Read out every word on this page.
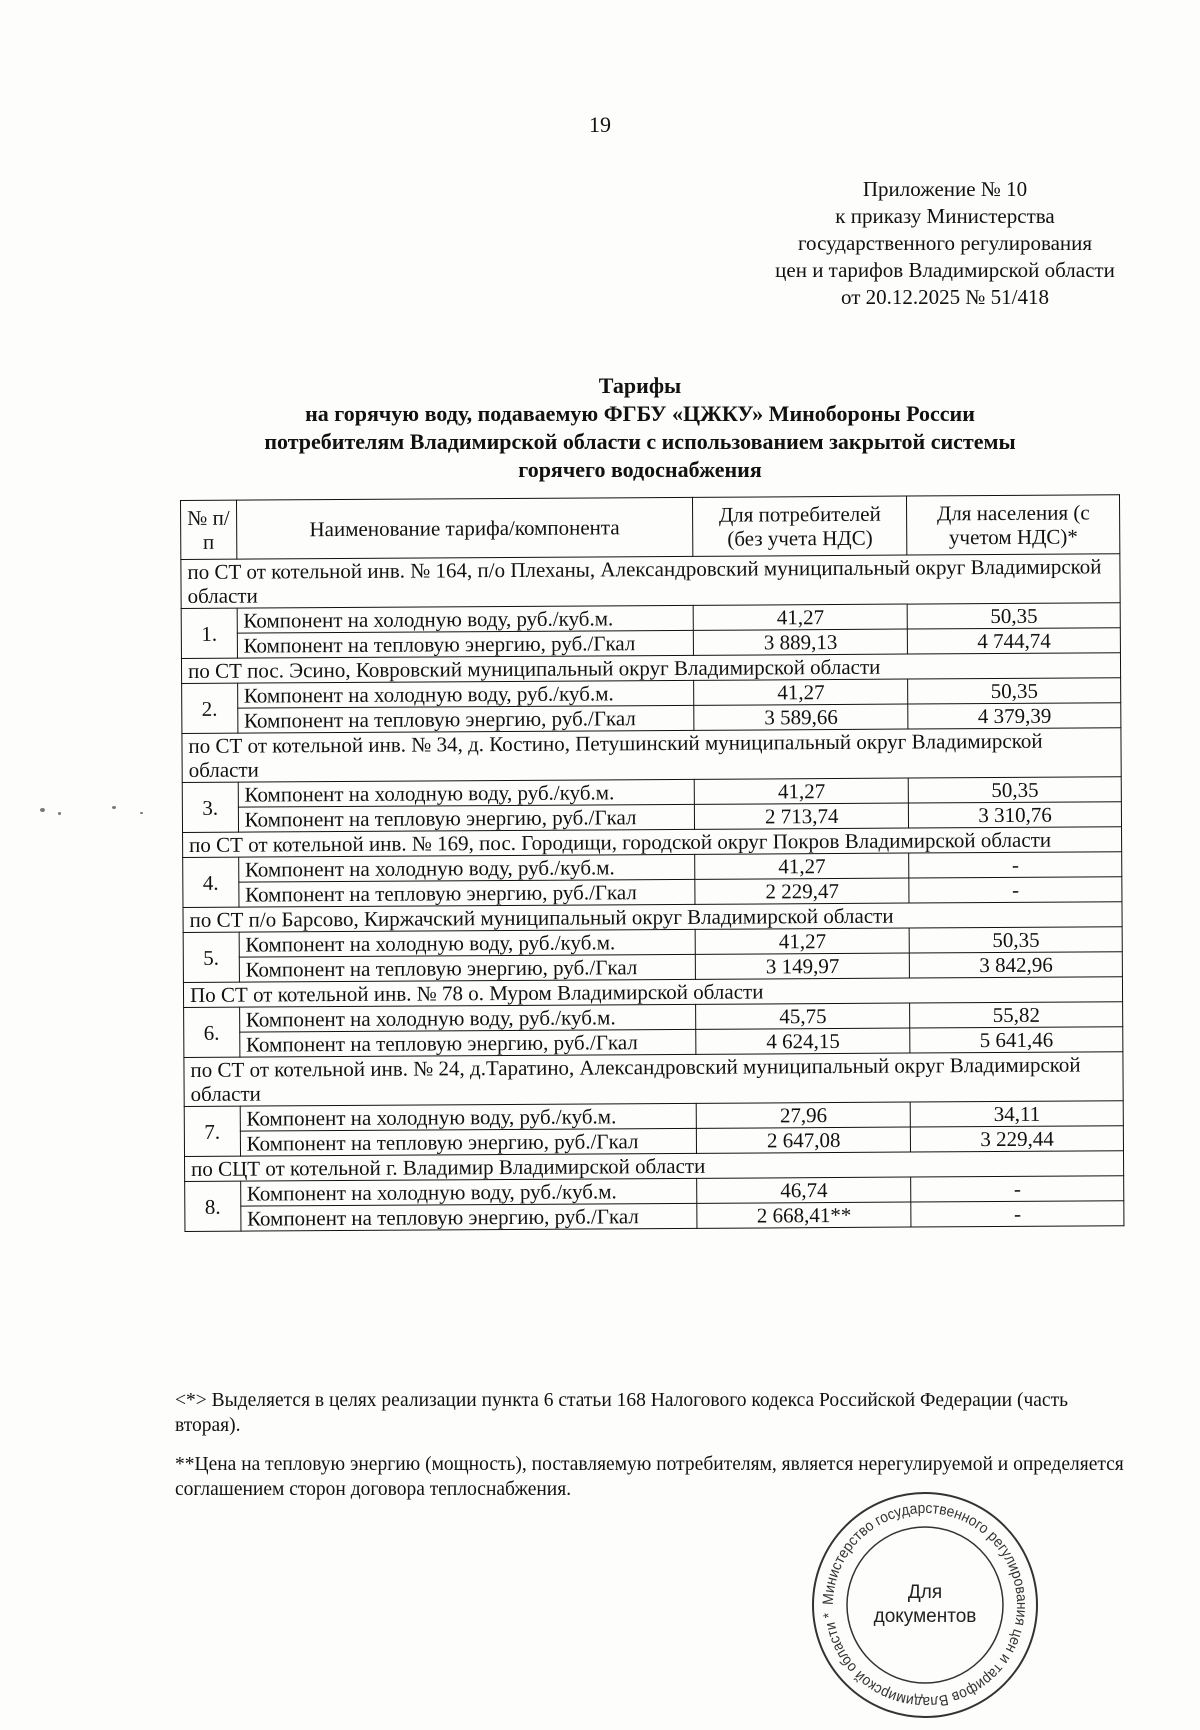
19
Приложение № 10
к приказу Министерства
государственного регулирования
цен и тарифов Владимирской области
от 20.12.2025 № 51/418
Тарифы
на горячую воду, подаваемую ФГБУ «ЦЖКУ» Минобороны России
потребителям Владимирской области с использованием закрытой системы
горячего водоснабжения
№ п/п	Наименование тарифа/компонента	Для потребителей (без учета НДС)	Для населения (с учетом НДС)*
по СТ от котельной инв. № 164, п/о Плеханы, Александровский муниципальный округ Владимирской области			
1.	Компонент на холодную воду, руб./куб.м.	41,27	50,35
	Компонент на тепловую энергию, руб./Гкал	3 889,13	4 744,74
по СТ пос. Эсино, Ковровский муниципальный округ Владимирской области			
2.	Компонент на холодную воду, руб./куб.м.	41,27	50,35
	Компонент на тепловую энергию, руб./Гкал	3 589,66	4 379,39
по СТ от котельной инв. № 34, д. Костино, Петушинский муниципальный округ Владимирской области			
3.	Компонент на холодную воду, руб./куб.м.	41,27	50,35
	Компонент на тепловую энергию, руб./Гкал	2 713,74	3 310,76
по СТ от котельной инв. № 169, пос. Городищи, городской округ Покров Владимирской области			
4.	Компонент на холодную воду, руб./куб.м.	41,27	-
	Компонент на тепловую энергию, руб./Гкал	2 229,47	-
по СТ п/о Барсово, Киржачский муниципальный округ Владимирской области			
5.	Компонент на холодную воду, руб./куб.м.	41,27	50,35
	Компонент на тепловую энергию, руб./Гкал	3 149,97	3 842,96
По СТ от котельной инв. № 78 о. Муром Владимирской области			
6.	Компонент на холодную воду, руб./куб.м.	45,75	55,82
	Компонент на тепловую энергию, руб./Гкал	4 624,15	5 641,46
по СТ от котельной инв. № 24, д.Таратино, Александровский муниципальный округ Владимирской области			
7.	Компонент на холодную воду, руб./куб.м.	27,96	34,11
	Компонент на тепловую энергию, руб./Гкал	2 647,08	3 229,44
по СЦТ от котельной г. Владимир Владимирской области			
8.	Компонент на холодную воду, руб./куб.м.	46,74	-
	Компонент на тепловую энергию, руб./Гкал	2 668,41**	-

<*> Выделяется в целях реализации пункта 6 статьи 168 Налогового кодекса Российской Федерации (часть вторая).

**Цена на тепловую энергию (мощность), поставляемую потребителям, является нерегулируемой и определяется соглашением сторон договора теплоснабжения.

Министерство государственного регулирования цен и тарифов Владимирской области *
Для
документов
